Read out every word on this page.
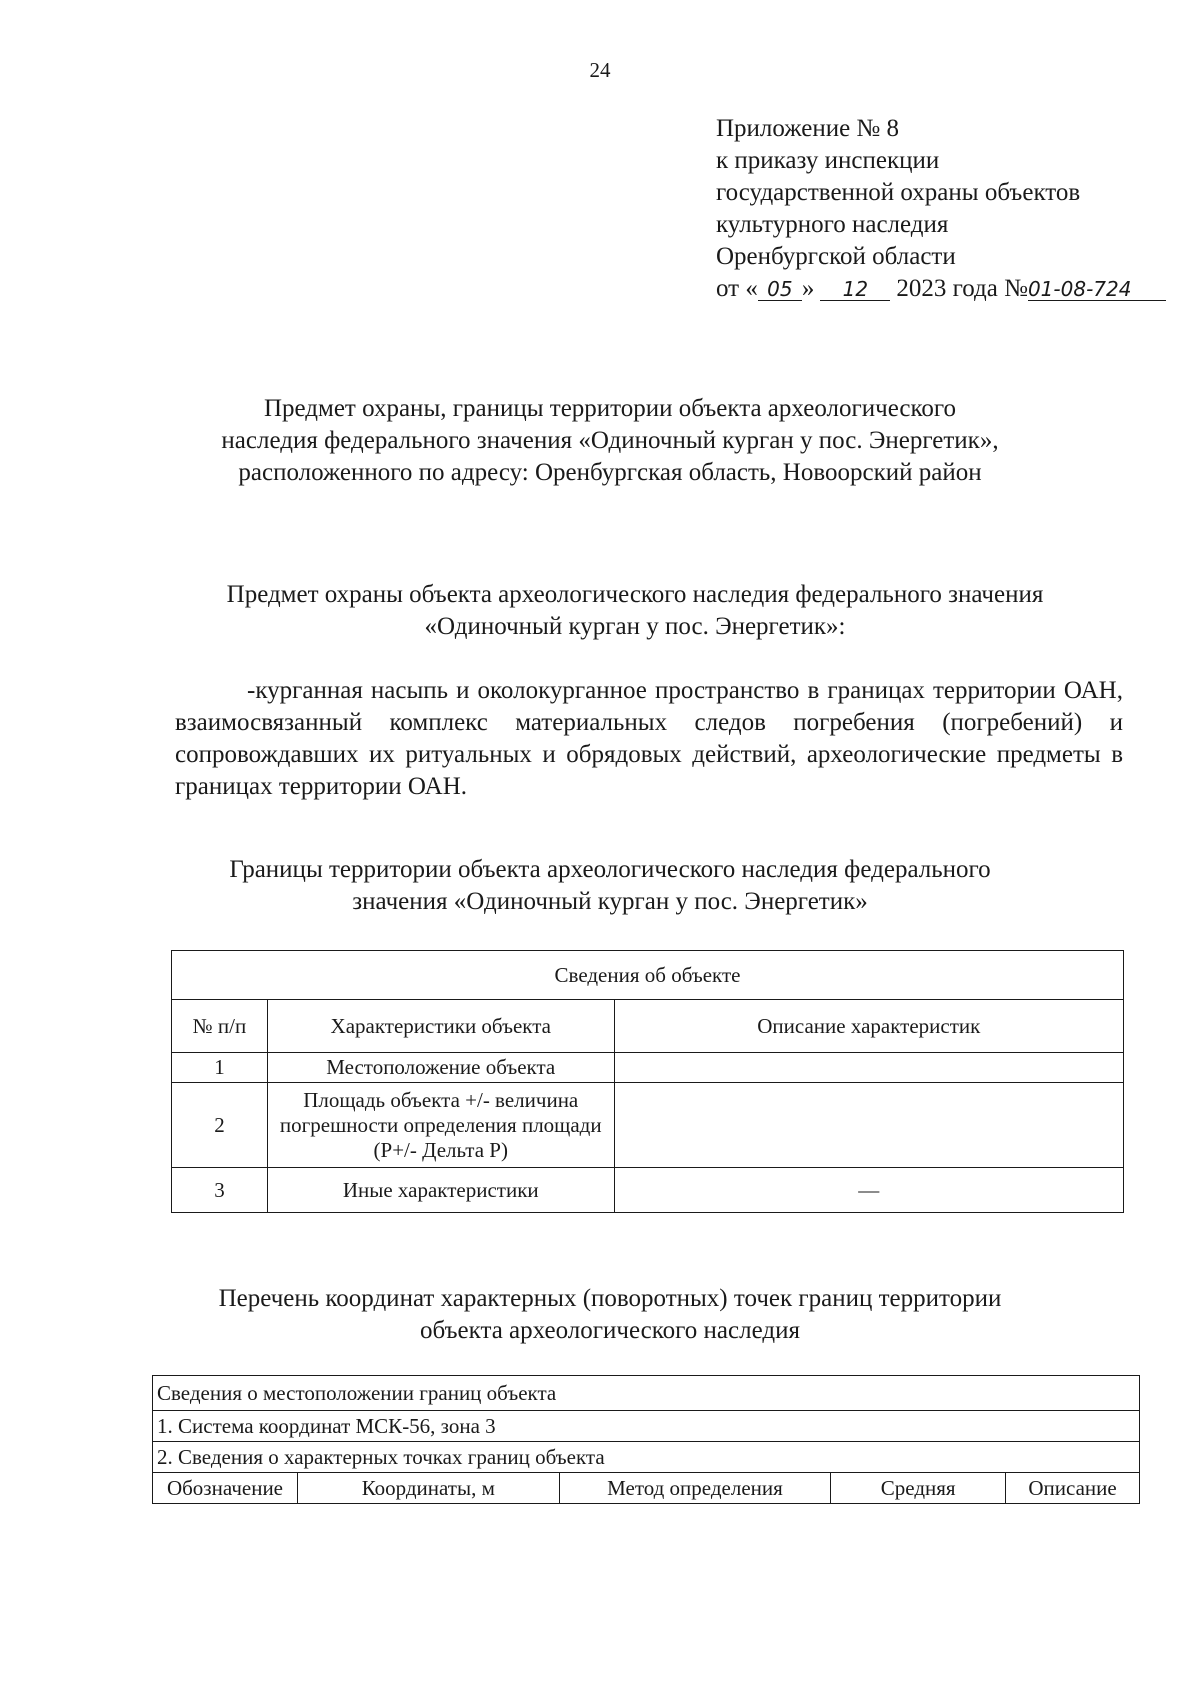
24
Приложение № 8
к приказу инспекции
государственной охраны объектов
культурного наследия
Оренбургской области
от « 05 » 12 2023 года №01-08-724
Предмет охраны, границы территории объекта археологического
наследия федерального значения «Одиночный курган у пос. Энергетик»,
расположенного по адресу: Оренбургская область, Новоорский район
Предмет охраны объекта археологического наследия федерального значения
«Одиночный курган у пос. Энергетик»:

-курганная насыпь и околокурганное пространство в границах территории ОАН, взаимосвязанный комплекс материальных следов погребения (погребений) и сопровождавших их ритуальных и обрядовых действий, археологические предметы в границах территории ОАН.

Границы территории объекта археологического наследия федерального
значения «Одиночный курган у пос. Энергетик»
Сведения об объекте		
№ п/п	Характеристики объекта	Описание характеристик
1	Местоположение объекта	
2	Площадь объекта +/- величина погрешности определения площади (P+/- Дельта P)	
3	Иные характеристики	—
Перечень координат характерных (поворотных) точек границ территории
объекта археологического наследия
Сведения о местоположении границ объекта
1. Система координат МСК-56, зона 3
2. Сведения о характерных точках границ объекта
Обозначение	Координаты, м	Метод определения	Средняя	Описание
